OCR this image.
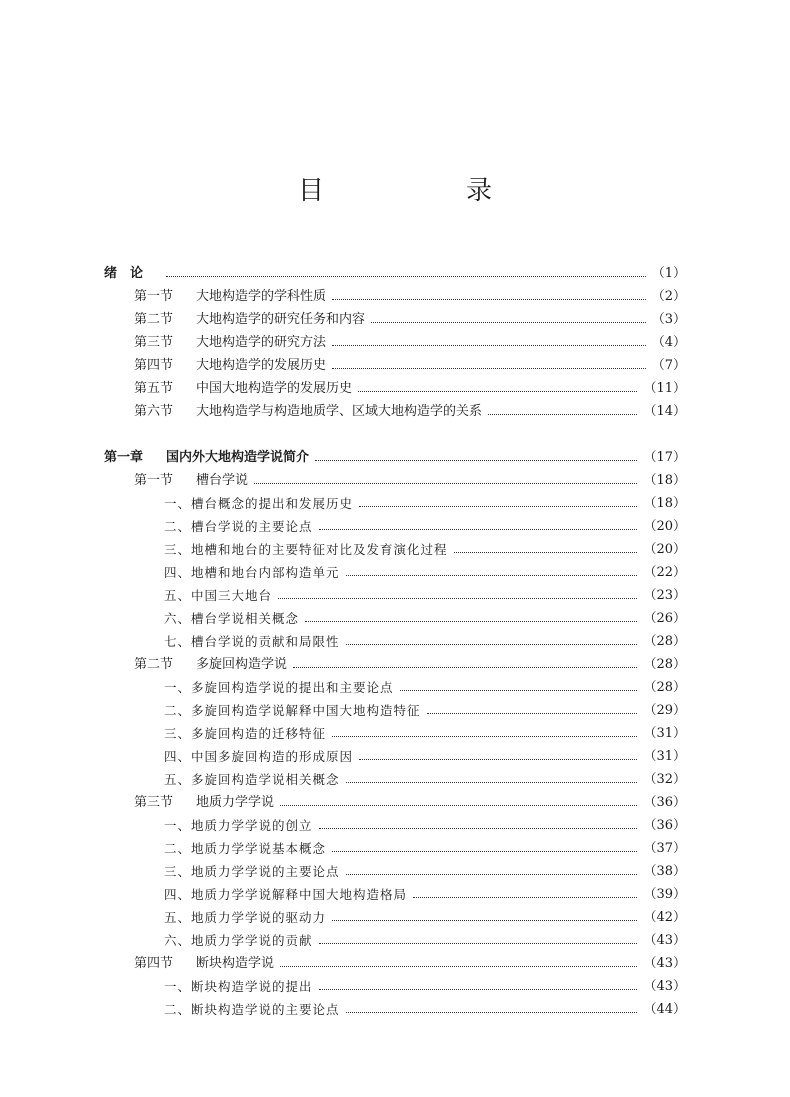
目　录
绪　论	（1）
第一节	大地构造学的学科性质	（2）
第二节	大地构造学的研究任务和内容	（3）
第三节	大地构造学的研究方法	（4）
第四节	大地构造学的发展历史	（7）
第五节	中国大地构造学的发展历史	（11）
第六节	大地构造学与构造地质学、区域大地构造学的关系	（14）
第一章	国内外大地构造学说简介	（17）
第一节	槽台学说	（18）
一、槽台概念的提出和发展历史	（18）
二、槽台学说的主要论点	（20）
三、地槽和地台的主要特征对比及发育演化过程	（20）
四、地槽和地台内部构造单元	（22）
五、中国三大地台	（23）
六、槽台学说相关概念	（26）
七、槽台学说的贡献和局限性	（28）
第二节	多旋回构造学说	（28）
一、多旋回构造学说的提出和主要论点	（28）
二、多旋回构造学说解释中国大地构造特征	（29）
三、多旋回构造的迁移特征	（31）
四、中国多旋回构造的形成原因	（31）
五、多旋回构造学说相关概念	（32）
第三节	地质力学学说	（36）
一、地质力学学说的创立	（36）
二、地质力学学说基本概念	（37）
三、地质力学学说的主要论点	（38）
四、地质力学学说解释中国大地构造格局	（39）
五、地质力学学说的驱动力	（42）
六、地质力学学说的贡献	（43）
第四节	断块构造学说	（43）
一、断块构造学说的提出	（43）
二、断块构造学说的主要论点	（44）
